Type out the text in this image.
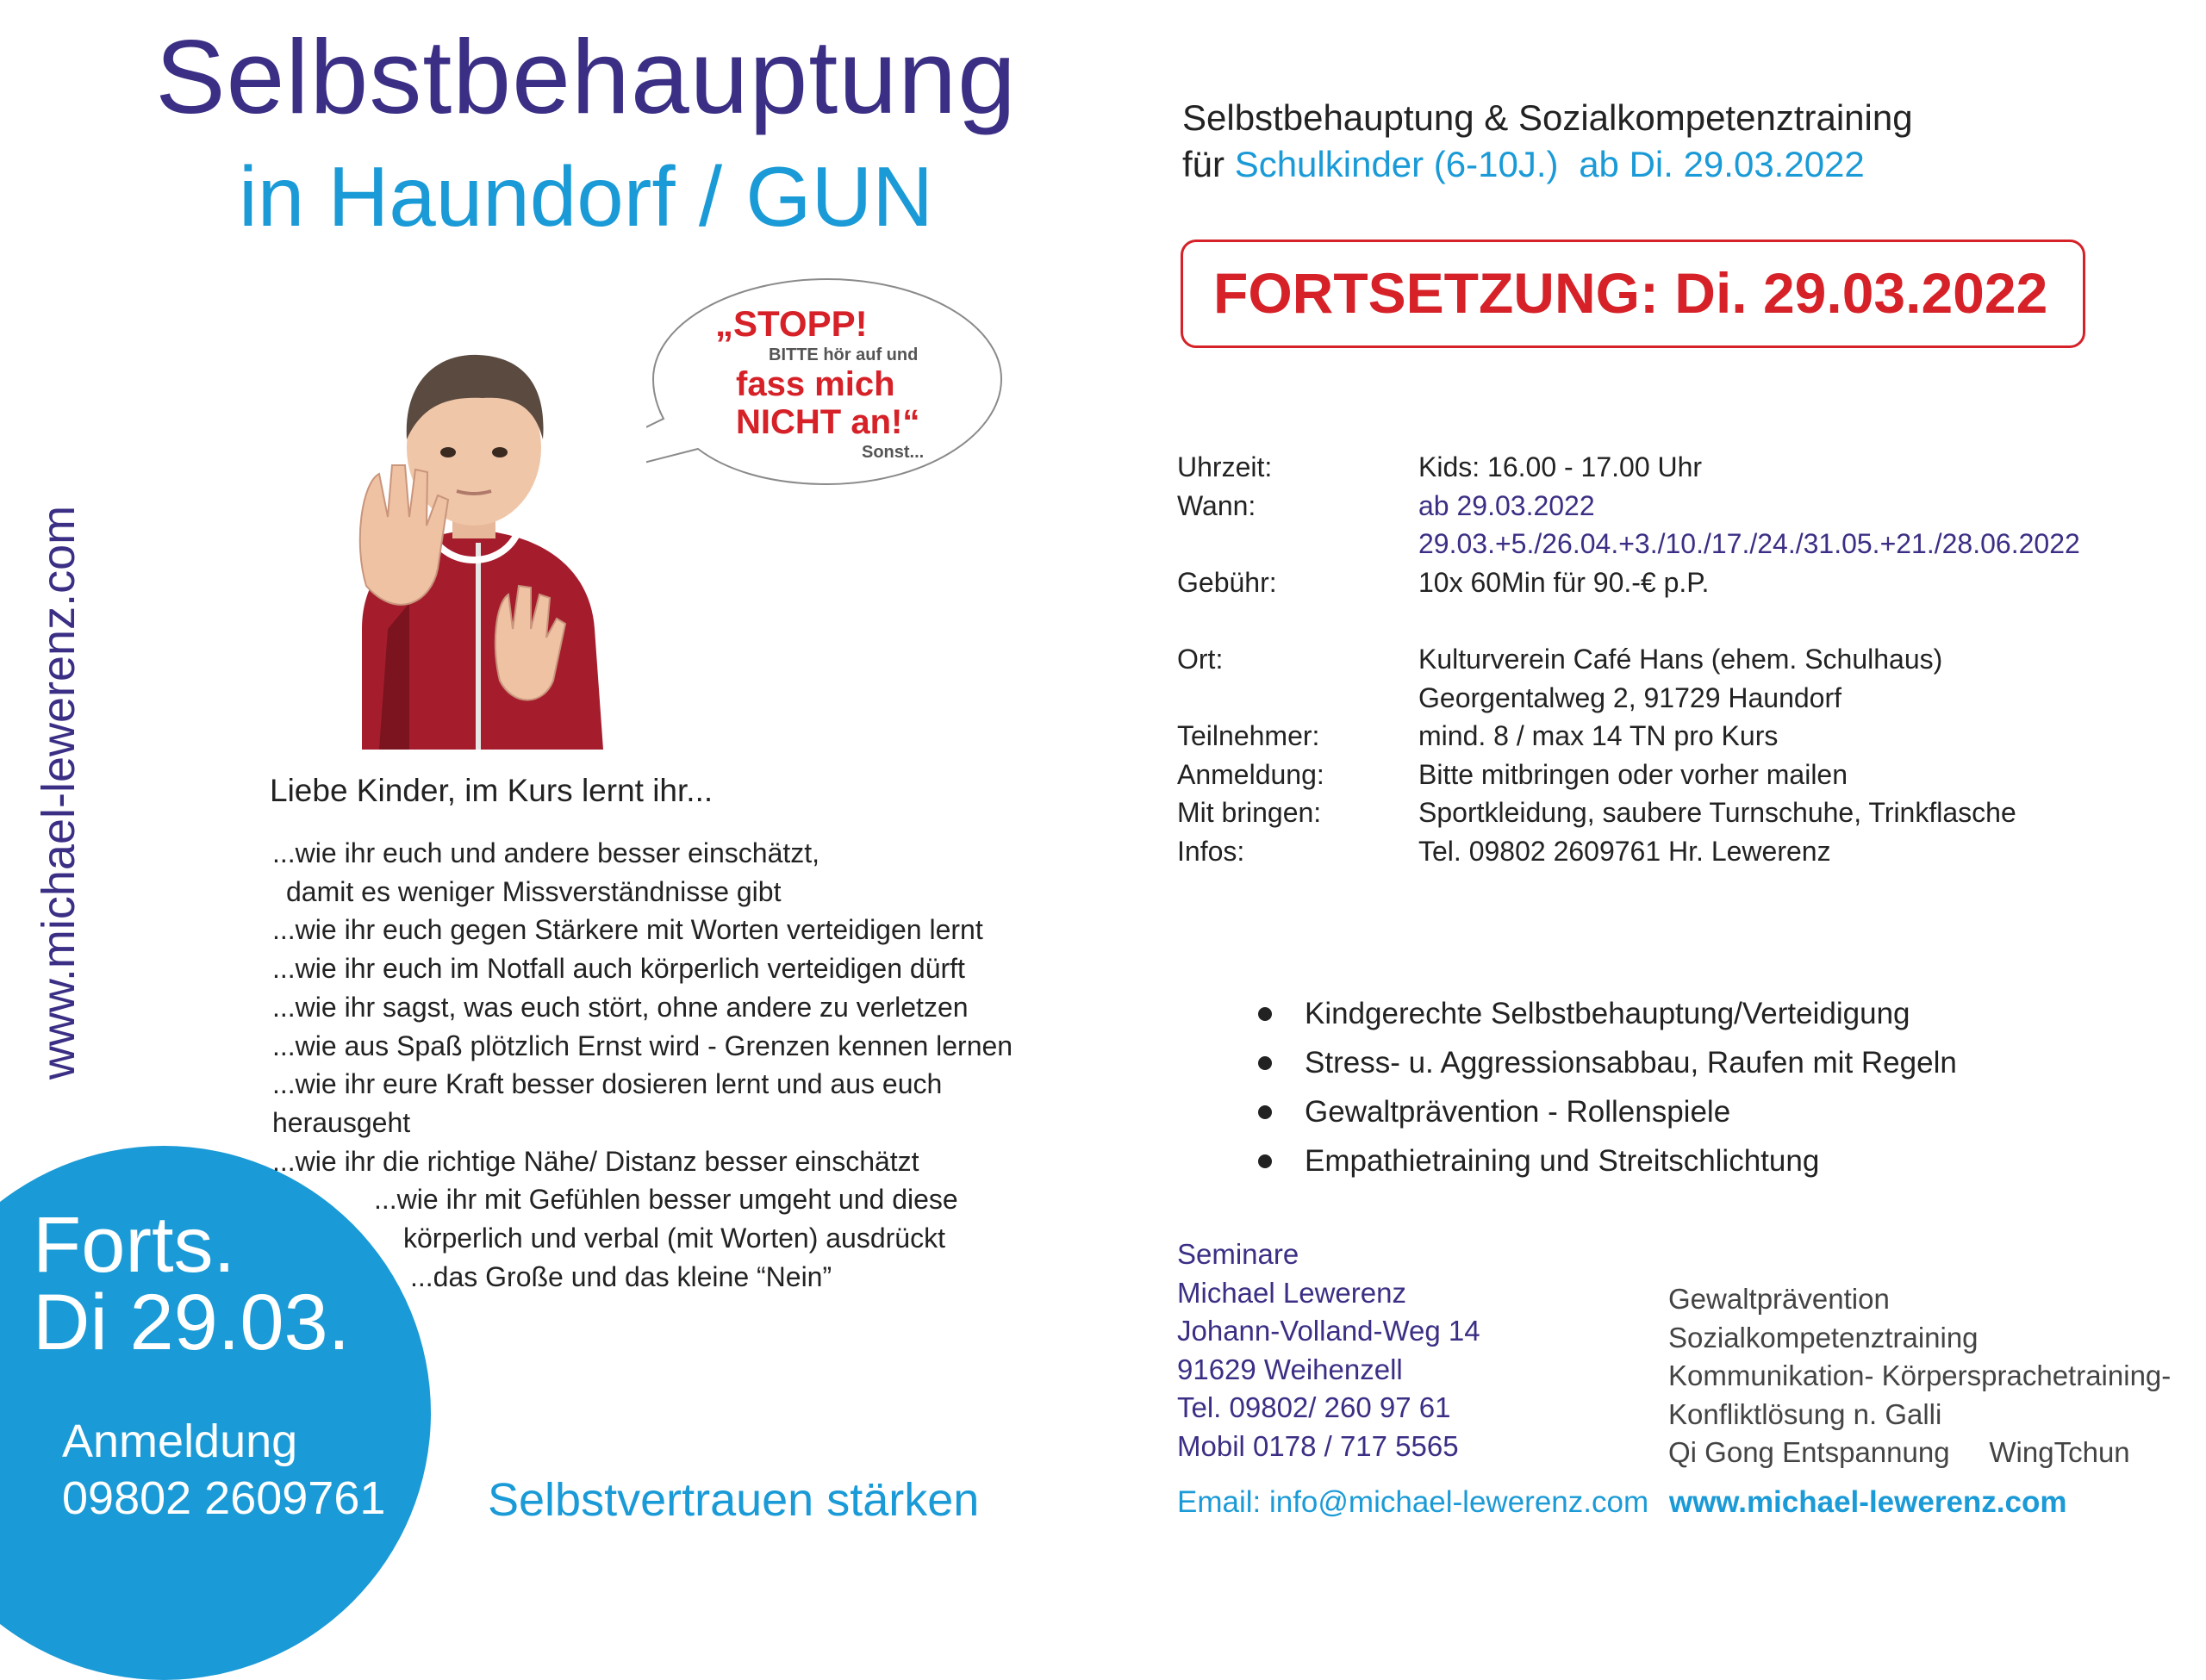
Selbstbehauptung
in Haundorf / GUN
www.michael-lewerenz.com
„STOPP!
BITTE hör auf und
fass mich
NICHT an!“
Sonst...
Liebe Kinder, im Kurs lernt ihr...
...wie ihr euch und andere besser einschätzt,
damit es weniger Missverständnisse gibt
...wie ihr euch gegen Stärkere mit Worten verteidigen lernt
...wie ihr euch im Notfall auch körperlich verteidigen dürft
...wie ihr sagst, was euch stört, ohne andere zu verletzen
...wie aus Spaß plötzlich Ernst wird - Grenzen kennen lernen
...wie ihr eure Kraft besser dosieren lernt und aus euch
herausgeht
...wie ihr die richtige Nähe/ Distanz besser einschätzt
...wie ihr mit Gefühlen besser umgeht und diese
körperlich und verbal (mit Worten) ausdrückt
...das Große und das kleine “Nein”
Forts.
Di 29.03.
Anmeldung
09802 2609761 Selbstvertrauen stärken
Selbstbehauptung & Sozialkompetenztraining
für Schulkinder (6-10J.) ab Di. 29.03.2022
FORTSETZUNG: Di. 29.03.2022
Uhrzeit:	Kids: 16.00 - 17.00 Uhr
Wann:	ab 29.03.2022
29.03.+5./26.04.+3./10./17./24./31.05.+21./28.06.2022
Gebühr:	10x 60Min für 90.-€ p.P.
Ort:	Kulturverein Café Hans (ehem. Schulhaus)
Georgentalweg 2, 91729 Haundorf
Teilnehmer:	mind. 8 / max 14 TN pro Kurs
Anmeldung:	Bitte mitbringen oder vorher mailen
Mit bringen:	Sportkleidung, saubere Turnschuhe, Trinkflasche
Infos:	Tel. 09802 2609761 Hr. Lewerenz
Kindgerechte Selbstbehauptung/Verteidigung
Stress- u. Aggressionsabbau, Raufen mit Regeln
Gewaltprävention - Rollenspiele
Empathietraining und Streitschlichtung
Seminare
Michael Lewerenz
Johann-Volland-Weg 14
91629 Weihenzell
Tel. 09802/ 260 97 61
Mobil 0178 / 717 5565
Gewaltprävention
Sozialkompetenztraining
Kommunikation- Körpersprachetraining-
Konfliktlösung n. Galli
Qi Gong Entspannung     WingTchun
Email: info@michael-lewerenz.com www.michael-lewerenz.com
